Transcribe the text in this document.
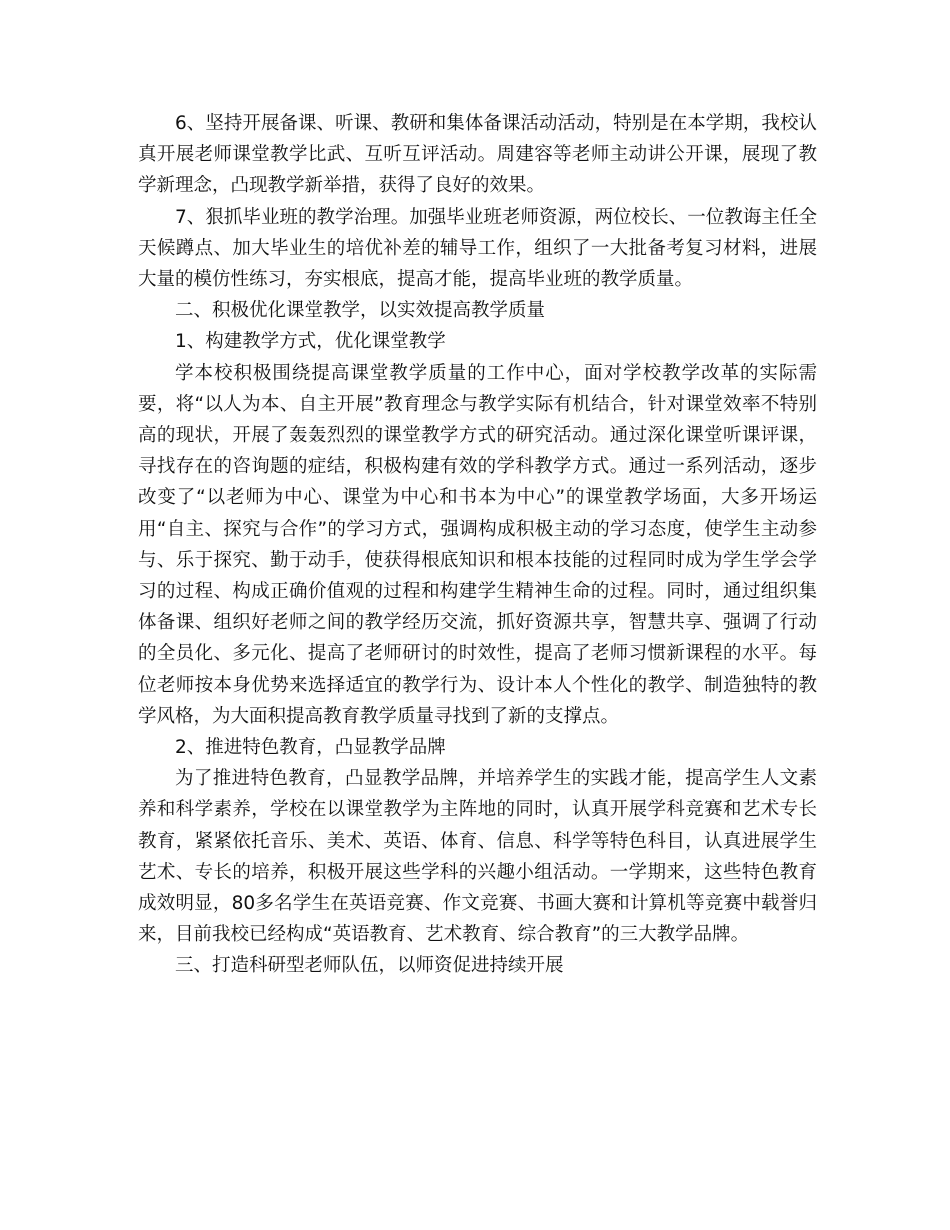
6、坚持开展备课、听课、教研和集体备课活动活动，特别是在本学期，我校认真开展老师课堂教学比武、互听互评活动。周建容等老师主动讲公开课，展现了教学新理念，凸现教学新举措，获得了良好的效果。

7、狠抓毕业班的教学治理。加强毕业班老师资源，两位校长、一位教诲主任全天候蹲点、加大毕业生的培优补差的辅导工作，组织了一大批备考复习材料，进展大量的模仿性练习，夯实根底，提高才能，提高毕业班的教学质量。

二、积极优化课堂教学，以实效提高教学质量

1、构建教学方式，优化课堂教学

学本校积极围绕提高课堂教学质量的工作中心，面对学校教学改革的实际需要，将“以人为本、自主开展”教育理念与教学实际有机结合，针对课堂效率不特别高的现状，开展了轰轰烈烈的课堂教学方式的研究活动。通过深化课堂听课评课，寻找存在的咨询题的症结，积极构建有效的学科教学方式。通过一系列活动，逐步改变了“以老师为中心、课堂为中心和书本为中心”的课堂教学场面，大多开场运用“自主、探究与合作”的学习方式，强调构成积极主动的学习态度，使学生主动参与、乐于探究、勤于动手，使获得根底知识和根本技能的过程同时成为学生学会学习的过程、构成正确价值观的过程和构建学生精神生命的过程。同时，通过组织集体备课、组织好老师之间的教学经历交流，抓好资源共享，智慧共享、强调了行动的全员化、多元化、提高了老师研讨的时效性，提高了老师习惯新课程的水平。每位老师按本身优势来选择适宜的教学行为、设计本人个性化的教学、制造独特的教学风格，为大面积提高教育教学质量寻找到了新的支撑点。

2、推进特色教育，凸显教学品牌

为了推进特色教育，凸显教学品牌，并培养学生的实践才能，提高学生人文素养和科学素养，学校在以课堂教学为主阵地的同时，认真开展学科竞赛和艺术专长教育，紧紧依托音乐、美术、英语、体育、信息、科学等特色科目，认真进展学生艺术、专长的培养，积极开展这些学科的兴趣小组活动。一学期来，这些特色教育成效明显，80多名学生在英语竞赛、作文竞赛、书画大赛和计算机等竞赛中载誉归来，目前我校已经构成“英语教育、艺术教育、综合教育”的三大教学品牌。

三、打造科研型老师队伍，以师资促进持续开展
